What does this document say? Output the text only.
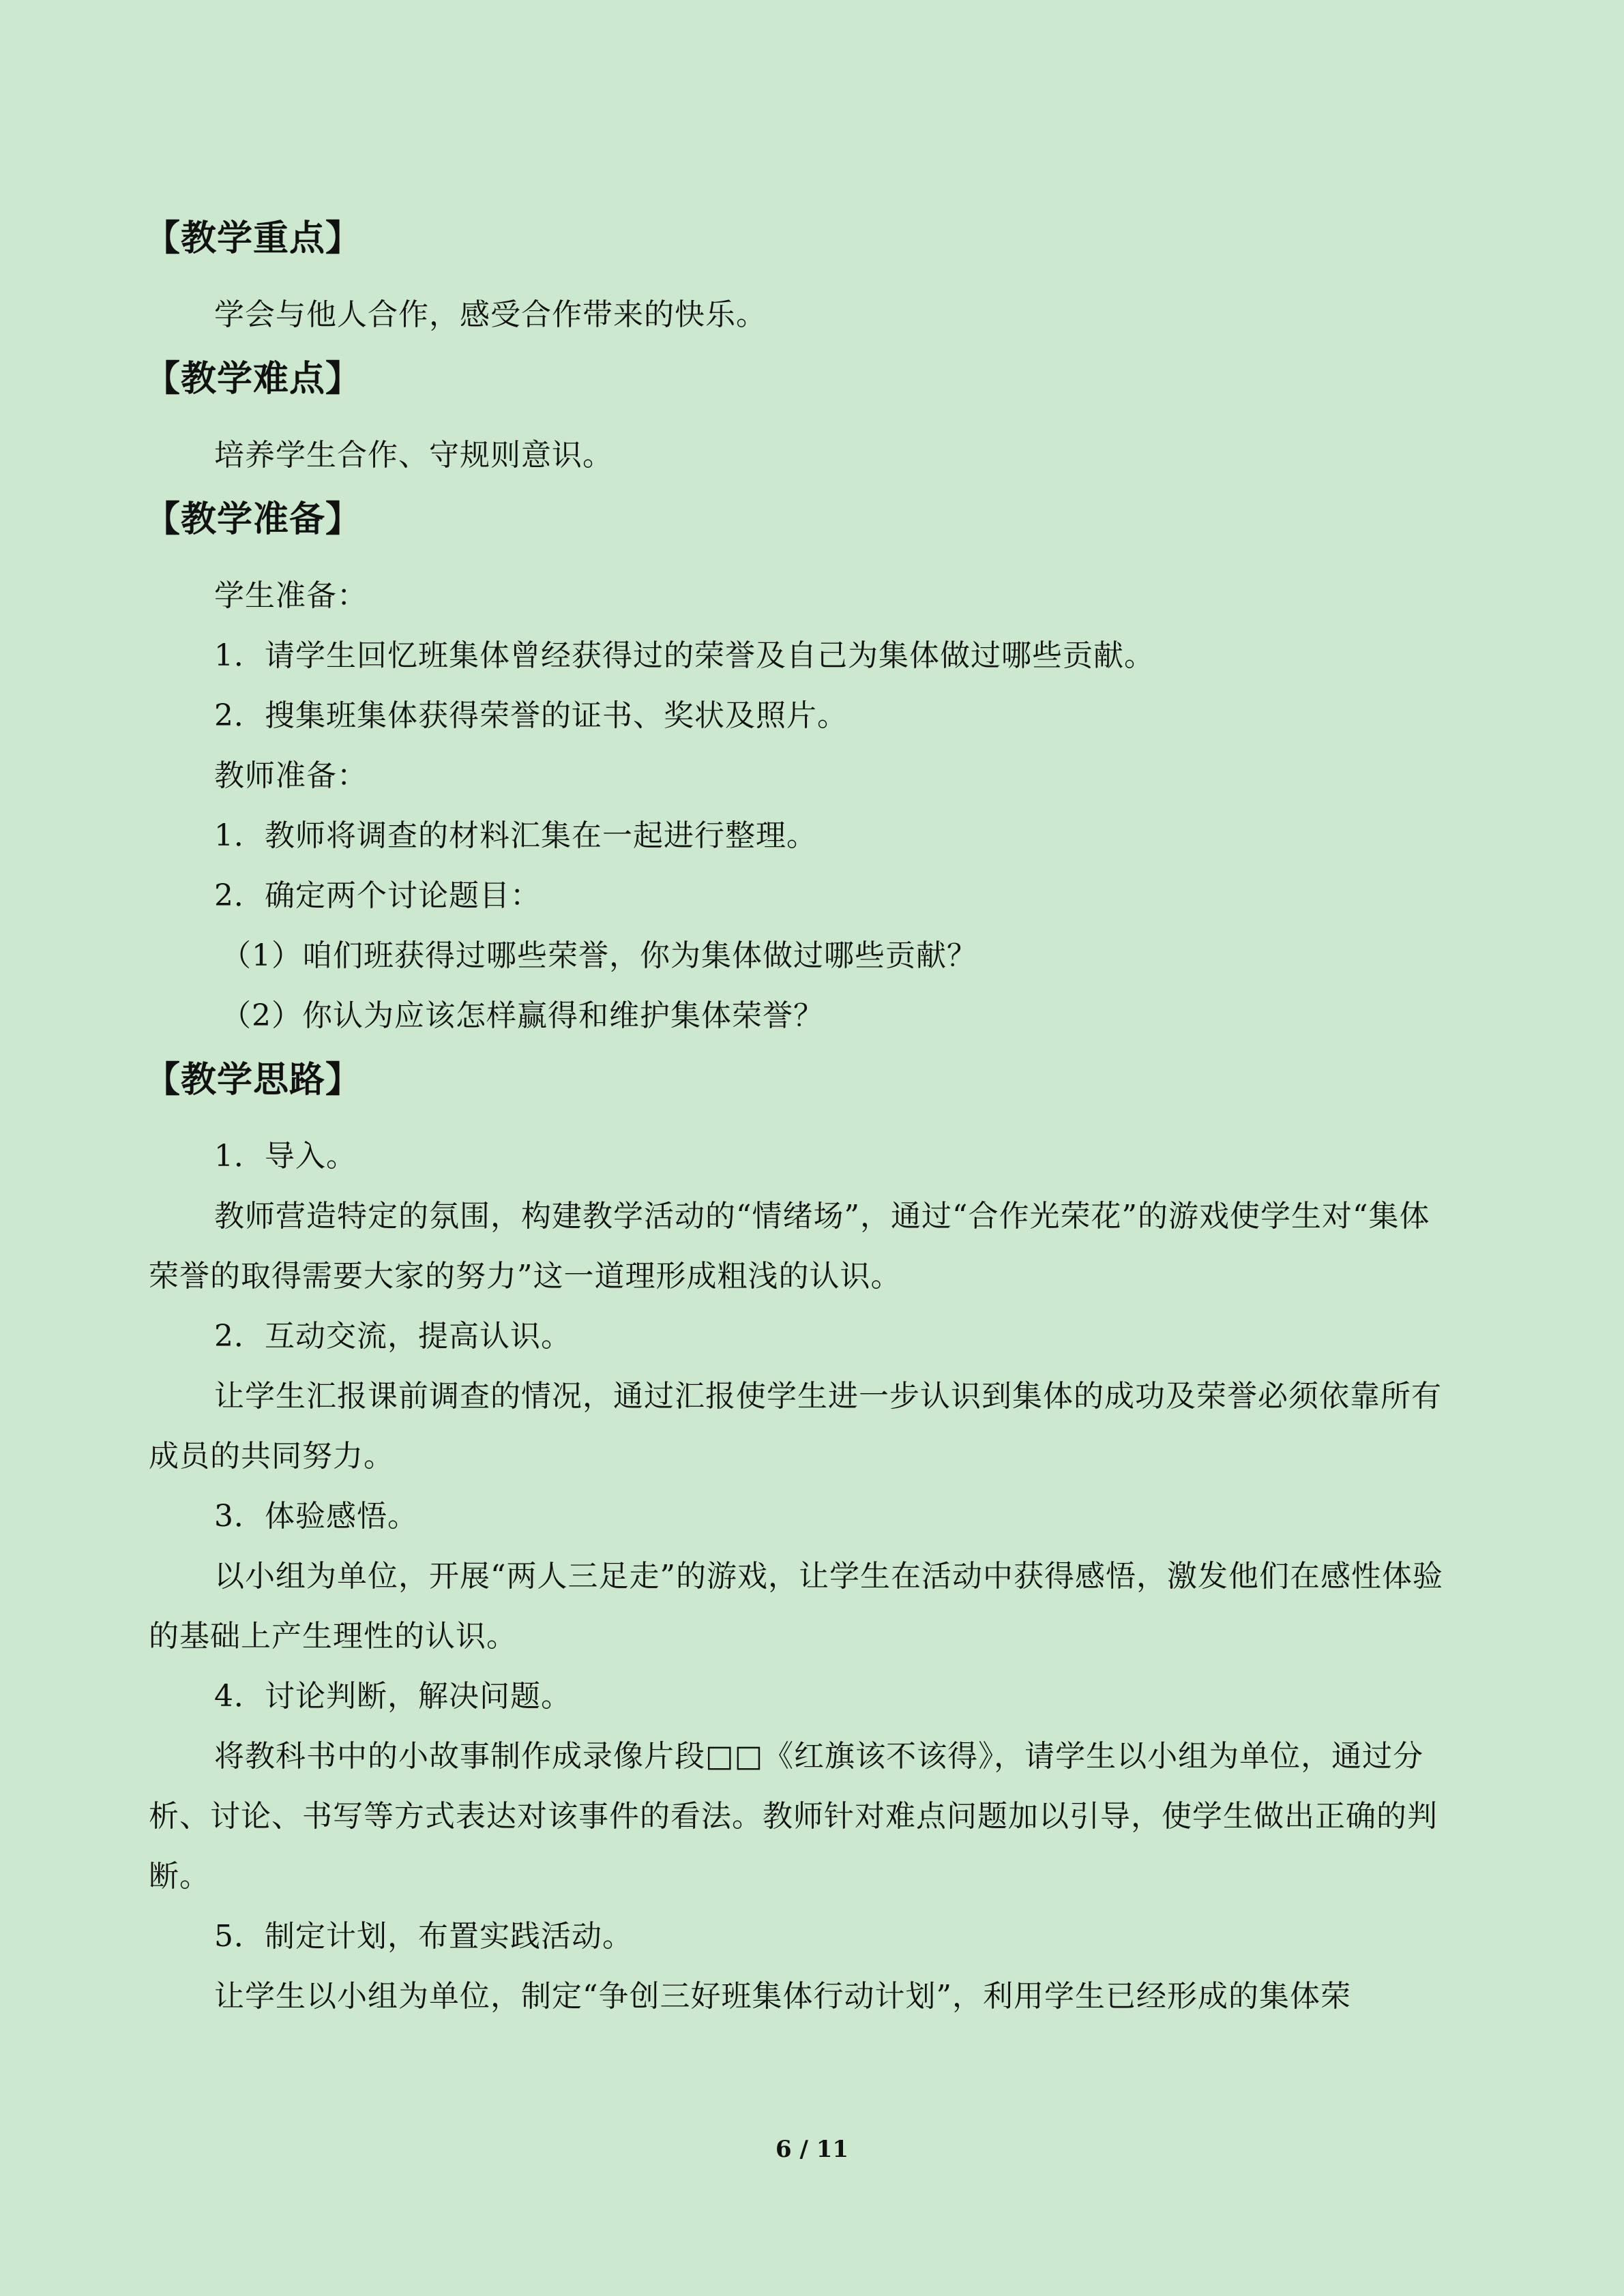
【教学重点】
学会与他人合作，感受合作带来的快乐。
【教学难点】
培养学生合作、守规则意识。
【教学准备】
学生准备：
1．请学生回忆班集体曾经获得过的荣誉及自己为集体做过哪些贡献。
2．搜集班集体获得荣誉的证书、奖状及照片。
教师准备：
1．教师将调查的材料汇集在一起进行整理。
2．确定两个讨论题目：
（1）咱们班获得过哪些荣誉，你为集体做过哪些贡献？
（2）你认为应该怎样赢得和维护集体荣誉？
【教学思路】
1．导入。
教师营造特定的氛围，构建教学活动的“情绪场”，通过“合作光荣花”的游戏使学生对“集体荣誉的取得需要大家的努力”这一道理形成粗浅的认识。
2．互动交流，提高认识。
让学生汇报课前调查的情况，通过汇报使学生进一步认识到集体的成功及荣誉必须依靠所有成员的共同努力。
3．体验感悟。
以小组为单位，开展“两人三足走”的游戏，让学生在活动中获得感悟，激发他们在感性体验的基础上产生理性的认识。
4．讨论判断，解决问题。
将教科书中的小故事制作成录像片段□□《红旗该不该得》，请学生以小组为单位，通过分析、讨论、书写等方式表达对该事件的看法。教师针对难点问题加以引导，使学生做出正确的判断。
5．制定计划，布置实践活动。
让学生以小组为单位，制定“争创三好班集体行动计划”，利用学生已经形成的集体荣
6 / 11
